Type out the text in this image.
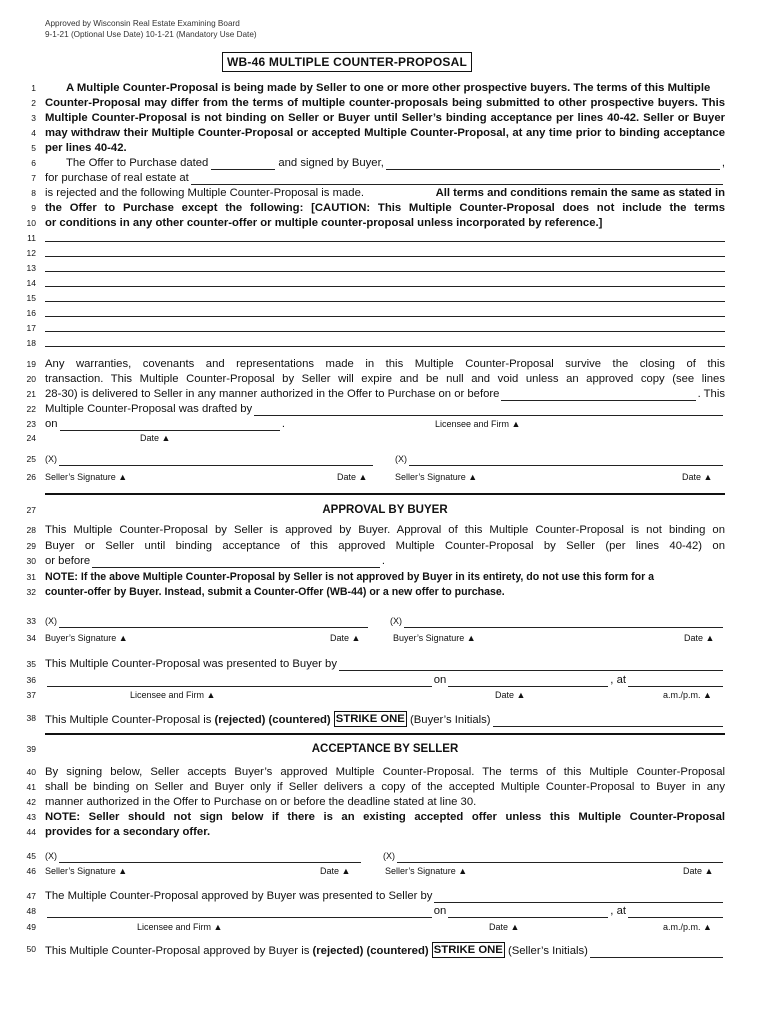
Approved by Wisconsin Real Estate Examining Board
9-1-21 (Optional Use Date) 10-1-21 (Mandatory Use Date)
WB-46 MULTIPLE COUNTER-PROPOSAL
1	A Multiple Counter-Proposal is being made by Seller to one or more other prospective buyers. The terms of this Multiple
2 Counter-Proposal may differ from the terms of multiple counter-proposals being submitted to other prospective buyers. This
3 Multiple Counter-Proposal is not binding on Seller or Buyer until Seller’s binding acceptance per lines 40-42. Seller or Buyer
4 may withdraw their Multiple Counter-Proposal or accepted Multiple Counter-Proposal, at any time prior to binding acceptance
5 per lines 40-42.
6	The Offer to Purchase dated	and signed by Buyer,	,
7 for purchase of real estate at
8 is rejected and the following Multiple Counter-Proposal is made.	All terms and conditions remain the same as stated in
9 the Offer to Purchase except the following: [CAUTION: This Multiple Counter-Proposal does not include the terms
10 or conditions in any other counter-offer or multiple counter-proposal unless incorporated by reference.]
11
12
13
14
15
16
17
18
19 Any warranties, covenants and representations made in this Multiple Counter-Proposal survive the closing of this
20 transaction. This Multiple Counter-Proposal by Seller will expire and be null and void unless an approved copy (see lines
21 28-30) is delivered to Seller in any manner authorized in the Offer to Purchase on or before	. This
22 Multiple Counter-Proposal was drafted by
23 on	.	Licensee and Firm ▲
24	Date ▲
25 (X)	(X)
26 Seller’s Signature ▲	Date ▲	Seller’s Signature ▲	Date ▲
27	APPROVAL BY BUYER
28 This Multiple Counter-Proposal by Seller is approved by Buyer. Approval of this Multiple Counter-Proposal is not binding on
29 Buyer or Seller until binding acceptance of this approved Multiple Counter-Proposal by Seller (per lines 40-42) on
30 or before	.
31 NOTE: If the above Multiple Counter-Proposal by Seller is not approved by Buyer in its entirety, do not use this form for a
32 counter-offer by Buyer. Instead, submit a Counter-Offer (WB-44) or a new offer to purchase.
33 (X)	(X)
34 Buyer’s Signature ▲	Date ▲	Buyer’s Signature ▲	Date ▲
35 This Multiple Counter-Proposal was presented to Buyer by
36	on	, at
37	Licensee and Firm ▲	Date ▲	a.m./p.m. ▲
38 This Multiple Counter-Proposal is
(rejected) (countered)
STRIKE ONE
(Buyer’s Initials)
39	ACCEPTANCE BY SELLER
40 By signing below, Seller accepts Buyer’s approved Multiple Counter-Proposal. The terms of this Multiple Counter-Proposal
41 shall be binding on Seller and Buyer only if Seller delivers a copy of the accepted Multiple Counter-Proposal to Buyer in any
42 manner authorized in the Offer to Purchase on or before the deadline stated at line 30.
43 NOTE: Seller should not sign below if there is an existing accepted offer unless this Multiple Counter-Proposal
44 provides for a secondary offer.
45 (X)	(X)
46 Seller’s Signature ▲	Date ▲	Seller’s Signature ▲	Date ▲
47 The Multiple Counter-Proposal approved by Buyer was presented to Seller by
48	on	, at
49	Licensee and Firm ▲	Date ▲	a.m./p.m. ▲
50 This Multiple Counter-Proposal approved by Buyer is
(rejected) (countered)
STRIKE ONE
(Seller’s Initials)
